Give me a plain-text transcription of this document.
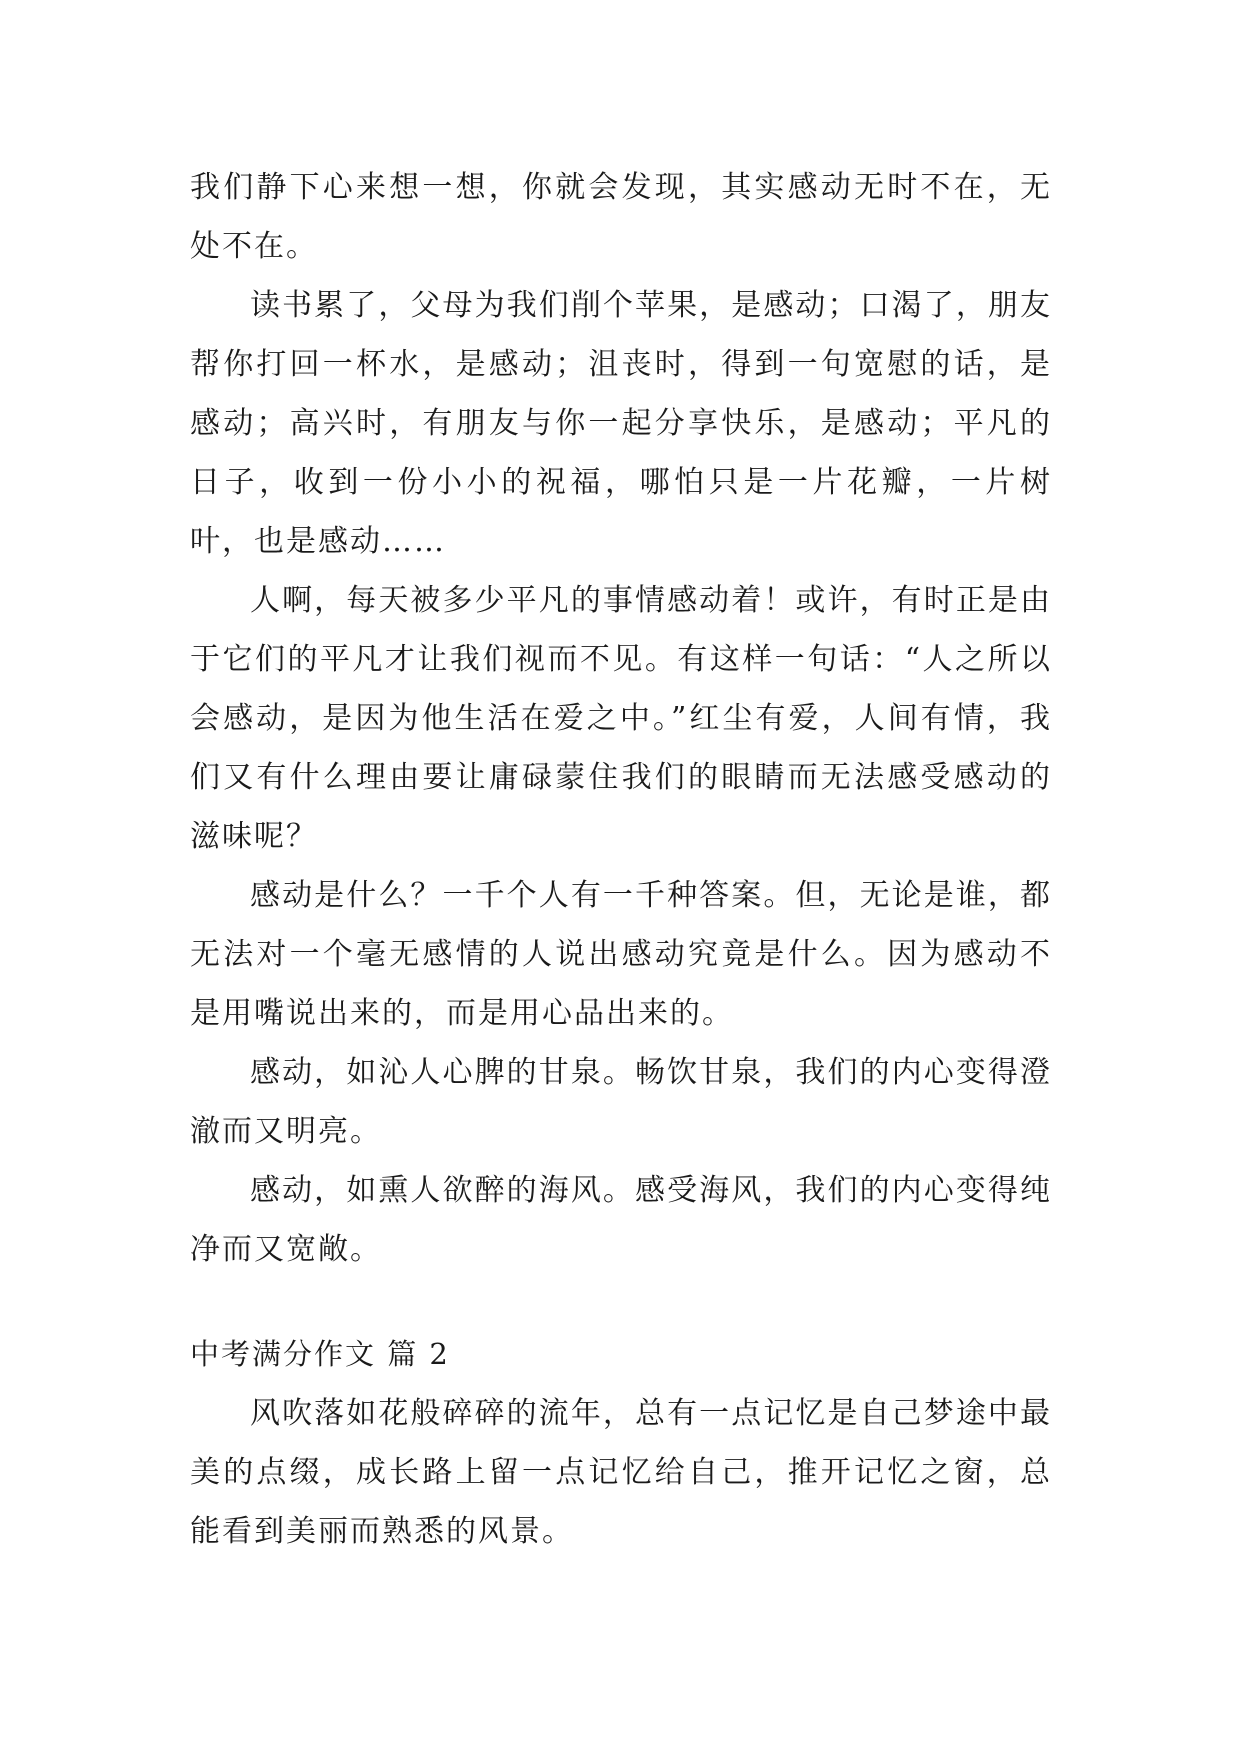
我们静下心来想一想，你就会发现，其实感动无时不在，无处不在。

读书累了，父母为我们削个苹果，是感动；口渴了，朋友帮你打回一杯水，是感动；沮丧时，得到一句宽慰的话，是感动；高兴时，有朋友与你一起分享快乐，是感动；平凡的日子，收到一份小小的祝福，哪怕只是一片花瓣，一片树叶，也是感动……

人啊，每天被多少平凡的事情感动着！或许，有时正是由于它们的平凡才让我们视而不见。有这样一句话：“人之所以会感动，是因为他生活在爱之中。”红尘有爱，人间有情，我们又有什么理由要让庸碌蒙住我们的眼睛而无法感受感动的滋味呢？

感动是什么？一千个人有一千种答案。但，无论是谁，都无法对一个毫无感情的人说出感动究竟是什么。因为感动不是用嘴说出来的，而是用心品出来的。

感动，如沁人心脾的甘泉。畅饮甘泉，我们的内心变得澄澈而又明亮。

感动，如熏人欲醉的海风。感受海风，我们的内心变得纯净而又宽敞。

中考满分作文 篇 2

风吹落如花般碎碎的流年，总有一点记忆是自己梦途中最美的点缀，成长路上留一点记忆给自己，推开记忆之窗，总能看到美丽而熟悉的风景。
